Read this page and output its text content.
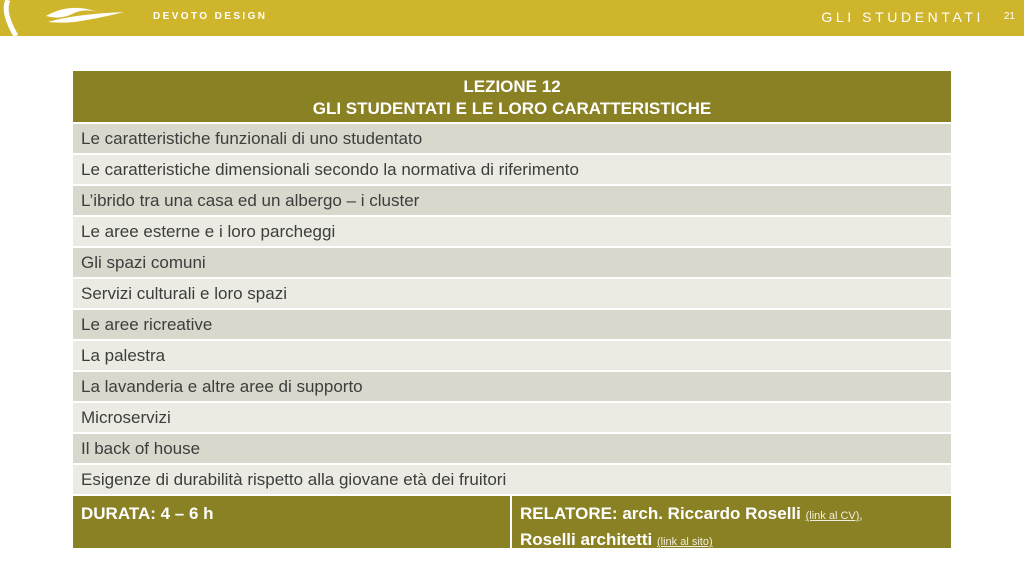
DEVOTO DESIGN	GLI STUDENTATI 21
LEZIONE 12
GLI STUDENTATI E LE LORO CARATTERISTICHE
Le caratteristiche funzionali di uno studentato
Le caratteristiche dimensionali secondo la normativa di riferimento
L’ibrido tra una casa ed un albergo – i cluster
Le aree esterne e i loro parcheggi
Gli spazi comuni
Servizi culturali e loro spazi
Le aree ricreative
La palestra
La lavanderia e altre aree di supporto
Microservizi
Il back of house
Esigenze di durabilità rispetto alla giovane età dei fruitori
DURATA: 4 – 6 h	RELATORE: arch. Riccardo Roselli (link al CV),
Roselli architetti (link al sito)
